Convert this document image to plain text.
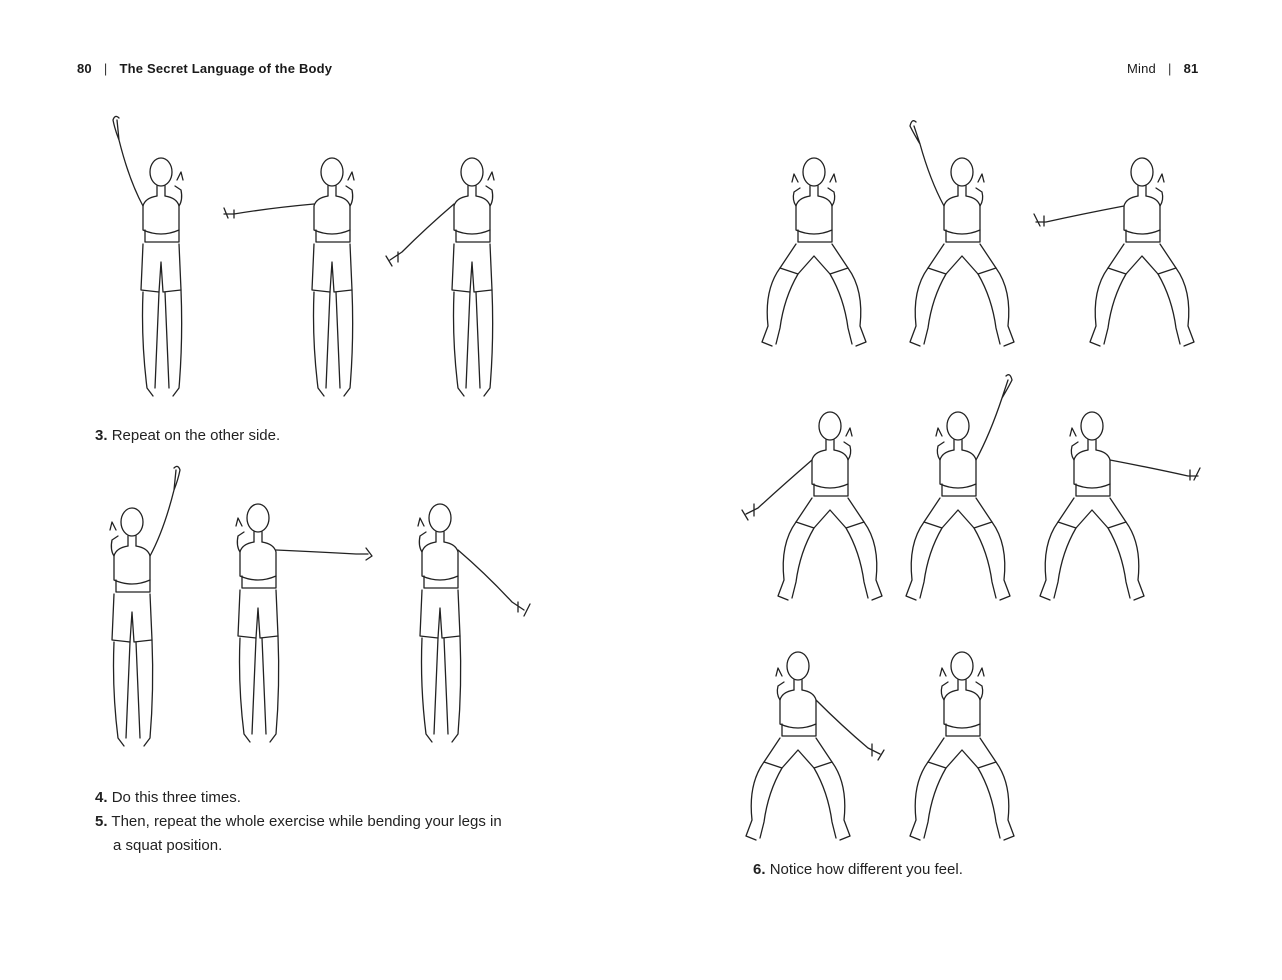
80 | The Secret Language of the Body	Mind | 81
3. Repeat on the other side.
4. Do this three times.
5. Then, repeat the whole exercise while bending your legs in
a squat position.
6. Notice how different you feel.
